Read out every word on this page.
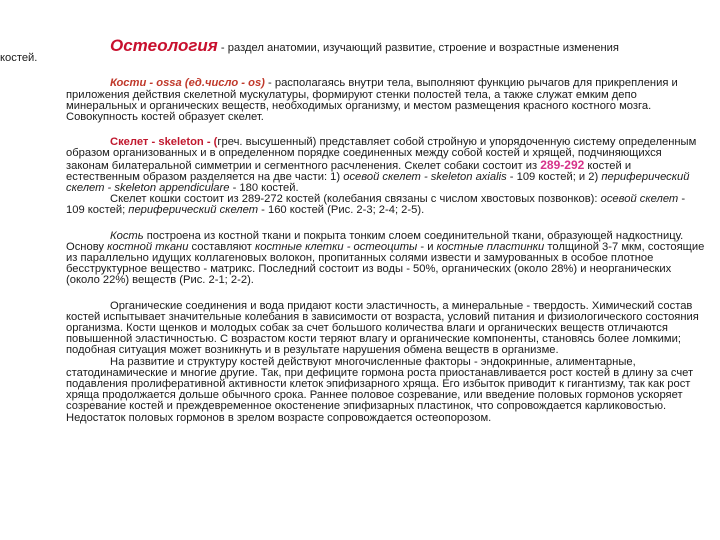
Остеология - раздел анатомии, изучающий развитие, строение и возрастные изменения

костей.

Кости - ossa (ед.число - os) - располагаясь внутри тела, выполняют функцию рычагов для прикрепления и приложения действия скелетной мускулатуры, формируют стенки полостей тела, а также служат емким депо минеральных и органических веществ, необходимых организму, и местом размещения красного костного мозга. Совокупность костей образует скелет.

Скелет - skeleton - (греч. высушенный) представляет собой стройную и упорядоченную систему определенным образом организованных и в определенном порядке соединенных между собой костей и хрящей, подчиняющихся законам билатеральной симметрии и сегментного расчленения. Скелет собаки состоит из 289-292 костей и естественным образом разделяется на две части: 1) осевой скелет - skeleton axialis - 109 костей; и 2) периферический скелет - skeleton appendiculare - 180 костей.

Скелет кошки состоит из 289-272 костей (колебания связаны с числом хвостовых позвонков): осевой скелет - 109 костей; периферический скелет - 160 костей (Рис. 2-3; 2-4; 2-5).

Кость построена из костной ткани и покрыта тонким слоем соединительной ткани, образующей надкостницу. Основу костной ткани составляют костные клетки - остеоциты - и костные пластинки толщиной 3-7 мкм, состоящие из параллельно идущих коллагеновых волокон, пропитанных солями извести и замурованных в особое плотное бесструктурное вещество - матрикс. Последний состоит из воды - 50%, органических (около 28%) и неорганических (около 22%) веществ (Рис. 2-1; 2-2).

Органические соединения и вода придают кости эластичность, а минеральные - твердость. Химический состав костей испытывает значительные колебания в зависимости от возраста, условий питания и физиологического состояния организма. Кости щенков и молодых собак за счет большого количества влаги и органических веществ отличаются повышенной эластичностью. С возрастом кости теряют влагу и органические компоненты, становясь более ломкими; подобная ситуация может возникнуть и в результате нарушения обмена веществ в организме.

На развитие и структуру костей действуют многочисленные факторы - эндокринные, алиментарные, статодинамические и многие другие. Так, при дефиците гормона роста приостанавливается рост костей в длину за счет подавления пролиферативной активности клеток эпифизарного хряща. Его избыток приводит к гигантизму, так как рост хряща продолжается дольше обычного срока. Раннее половое созревание, или введение половых гормонов ускоряет созревание костей и преждевременное окостенение эпифизарных пластинок, что сопровождается карликовостью. Недостаток половых гормонов в зрелом возрасте сопровождается остеопорозом.
